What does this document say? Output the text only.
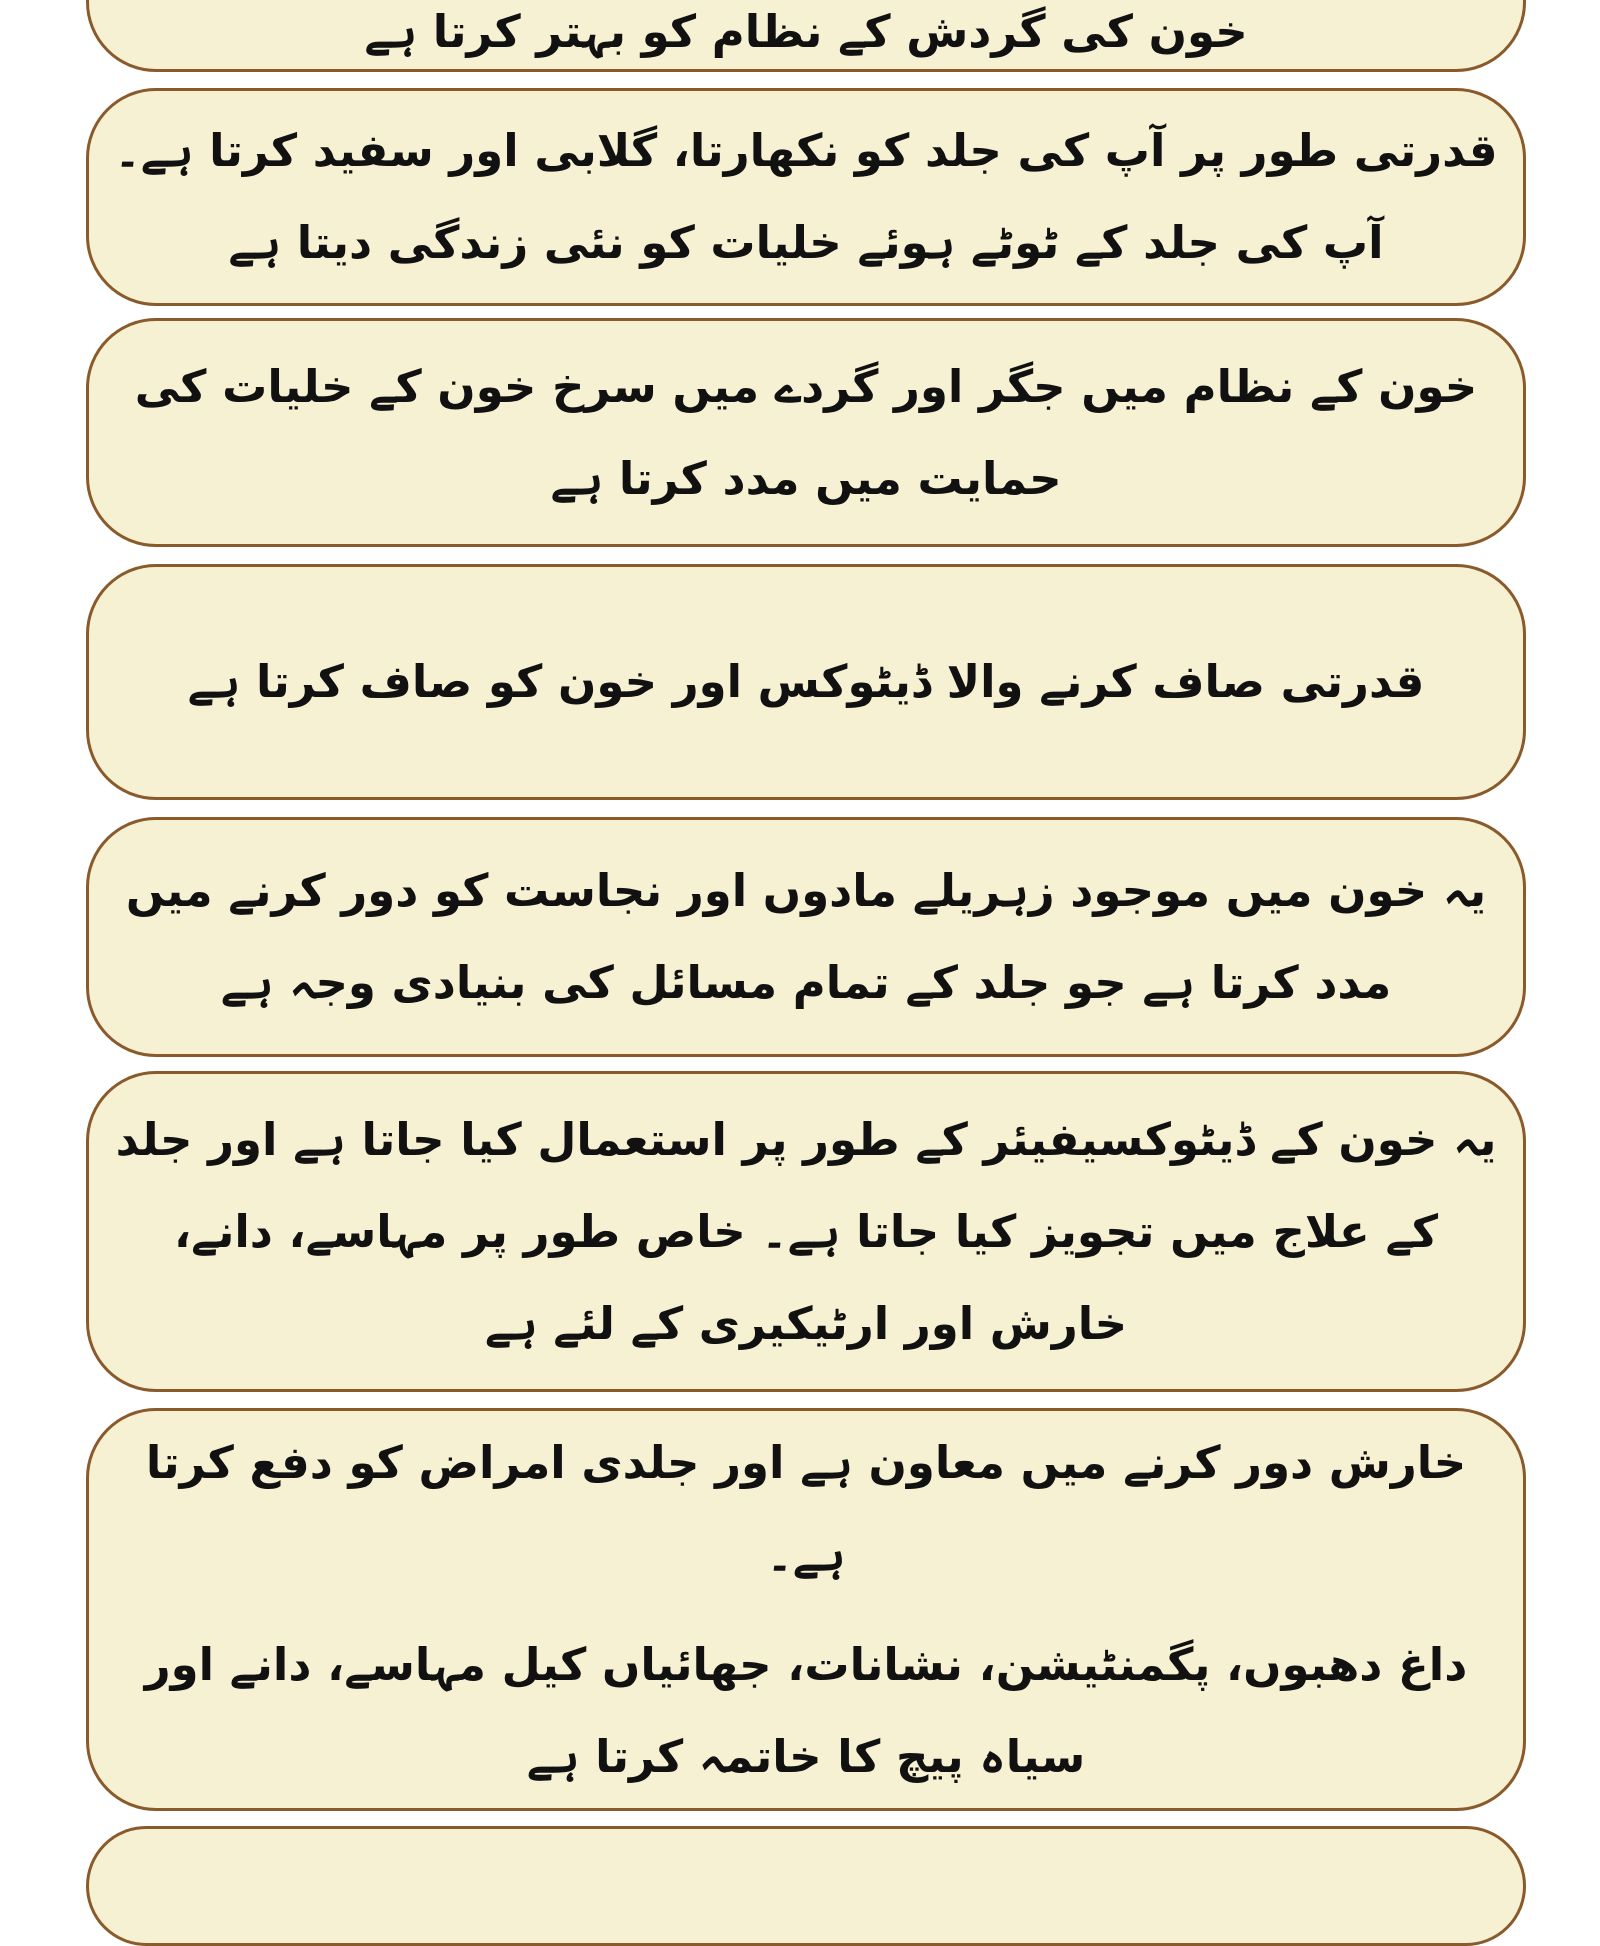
خون کی گردش کے نظام کو بہتر کرتا ہے
قدرتی طور پر آپ کی جلد کو نکھارتا، گلابی اور سفید کرتا ہے۔
آپ کی جلد کے ٹوٹے ہوئے خلیات کو نئی زندگی دیتا ہے
خون کے نظام میں جگر اور گردے میں سرخ خون کے خلیات کی حمایت میں مدد کرتا ہے
قدرتی صاف کرنے والا ڈیٹوکس اور خون کو صاف کرتا ہے
یہ خون میں موجود زہریلے مادوں اور نجاست کو دور کرنے میں مدد کرتا ہے جو جلد کے تمام مسائل کی بنیادی وجہ ہے
یہ خون کے ڈیٹوکسیفیئر کے طور پر استعمال کیا جاتا ہے اور جلد کے علاج میں تجویز کیا جاتا ہے۔ خاص طور پر مہاسے، دانے، خارش اور ارٹیکیری کے لئے ہے
خارش دور کرنے میں معاون ہے اور جلدی امراض کو دفع کرتا ہے۔
داغ دھبوں، پگمنٹیشن، نشانات، جھائیاں کیل مہاسے، دانے اور سیاہ پیچ کا خاتمہ کرتا ہے
